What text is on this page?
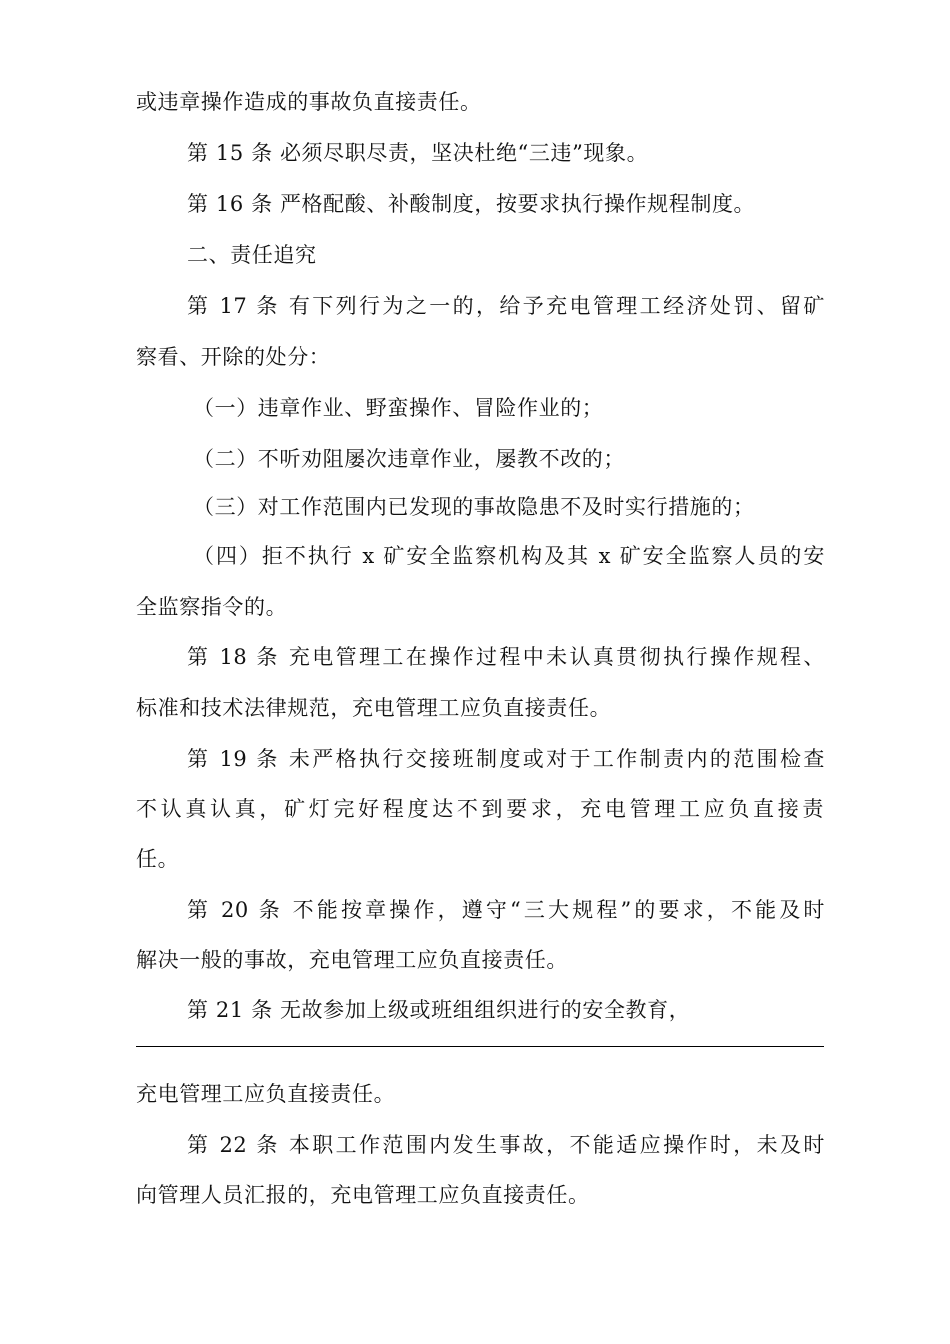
或违章操作造成的事故负直接责任。
第 15 条 必须尽职尽责，坚决杜绝“三违”现象。
第 16 条 严格配酸、补酸制度，按要求执行操作规程制度。
二、责任追究
第 17 条 有下列行为之一的，给予充电管理工经济处罚、留矿
察看、开除的处分：
（一）违章作业、野蛮操作、冒险作业的；
（二）不听劝阻屡次违章作业，屡教不改的；
（三）对工作范围内已发现的事故隐患不及时实行措施的；
（四）拒不执行 x 矿安全监察机构及其 x 矿安全监察人员的安
全监察指令的。
第 18 条 充电管理工在操作过程中未认真贯彻执行操作规程、
标准和技术法律规范，充电管理工应负直接责任。
第 19 条 未严格执行交接班制度或对于工作制责内的范围检查
不认真认真，矿灯完好程度达不到要求，充电管理工应负直接责
任。
第 20 条 不能按章操作，遵守“三大规程”的要求，不能及时
解决一般的事故，充电管理工应负直接责任。
第 21 条 无故参加上级或班组组织进行的安全教育，
充电管理工应负直接责任。
第 22 条 本职工作范围内发生事故，不能适应操作时，未及时
向管理人员汇报的，充电管理工应负直接责任。
